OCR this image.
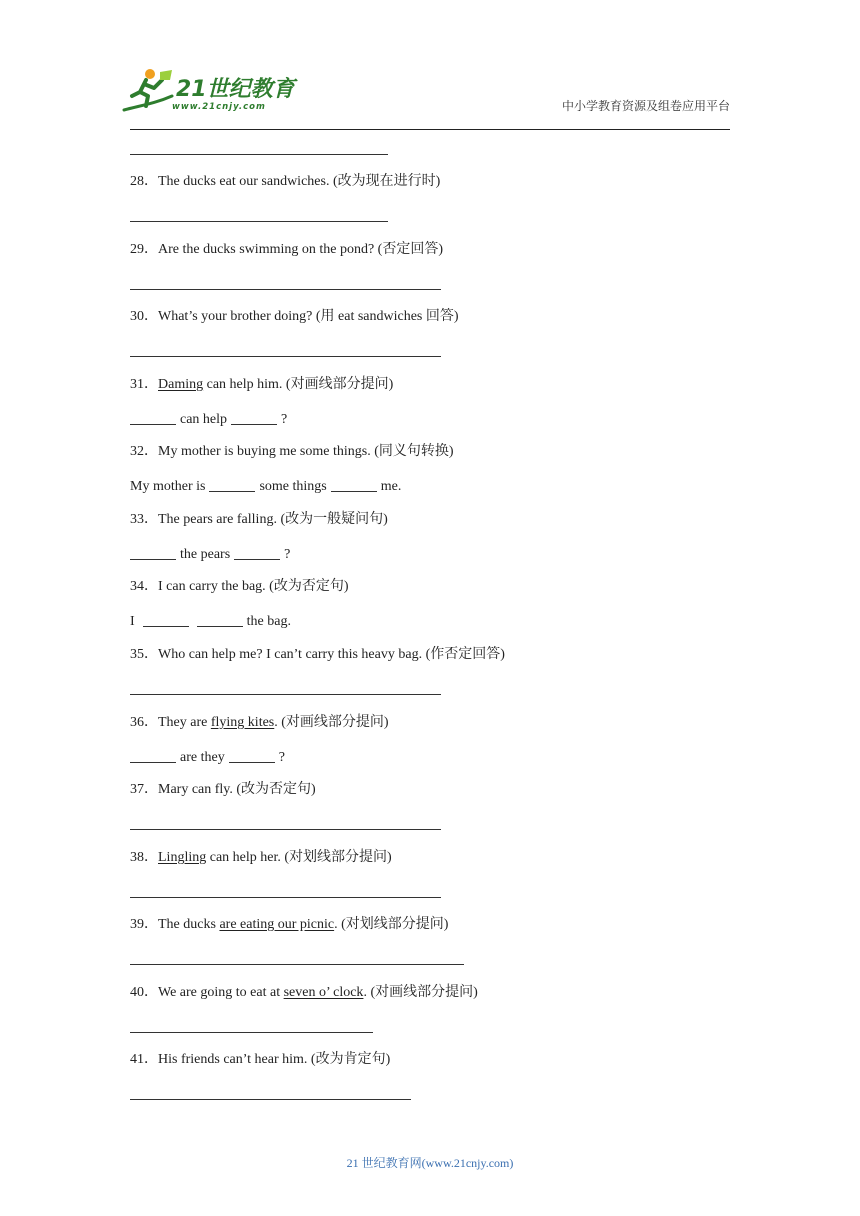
21世纪教育
www.21cnjy.com	中小学教育资源及组卷应用平台
28．The ducks eat our sandwiches. (改为现在进行时)
29．Are the ducks swimming on the pond? (否定回答)
30．What’s your brother doing? (用 eat sandwiches 回答)
31．Daming can help him. (对画线部分提问)
can help	?
32．My mother is buying me some things. (同义句转换)
My mother is	some things	me.
33．The pears are falling. (改为一般疑问句)
the pears	?
34．I can carry the bag. (改为否定句)
I	the bag.
35．Who can help me? I can’t carry this heavy bag. (作否定回答)
36．They are flying kites. (对画线部分提问)
are they	?
37．Mary can fly. (改为否定句)
38．Lingling can help her. (对划线部分提问)
39．The ducks are eating our picnic. (对划线部分提问)
40．We are going to eat at seven o’ clock. (对画线部分提问)
41．His friends can’t hear him. (改为肯定句)
21 世纪教育网(www.21cnjy.com)
